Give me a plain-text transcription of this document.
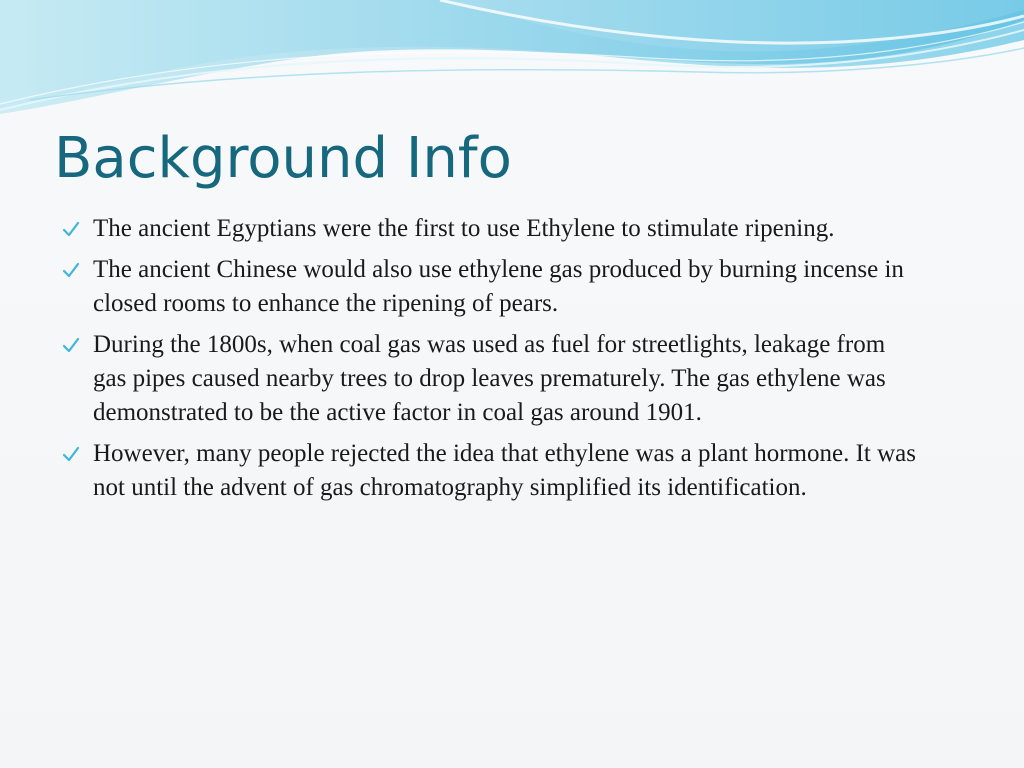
Background Info
The ancient Egyptians were the first to use Ethylene to stimulate ripening.
The ancient Chinese would also use ethylene gas produced by burning incense in closed rooms to enhance the ripening of pears.
During the 1800s, when coal gas was used as fuel for streetlights, leakage from gas pipes caused nearby trees to drop leaves prematurely. The gas ethylene was demonstrated to be the active factor in coal gas around 1901.
However, many people rejected the idea that ethylene was a plant hormone. It was not until the advent of gas chromatography simplified its identification.
